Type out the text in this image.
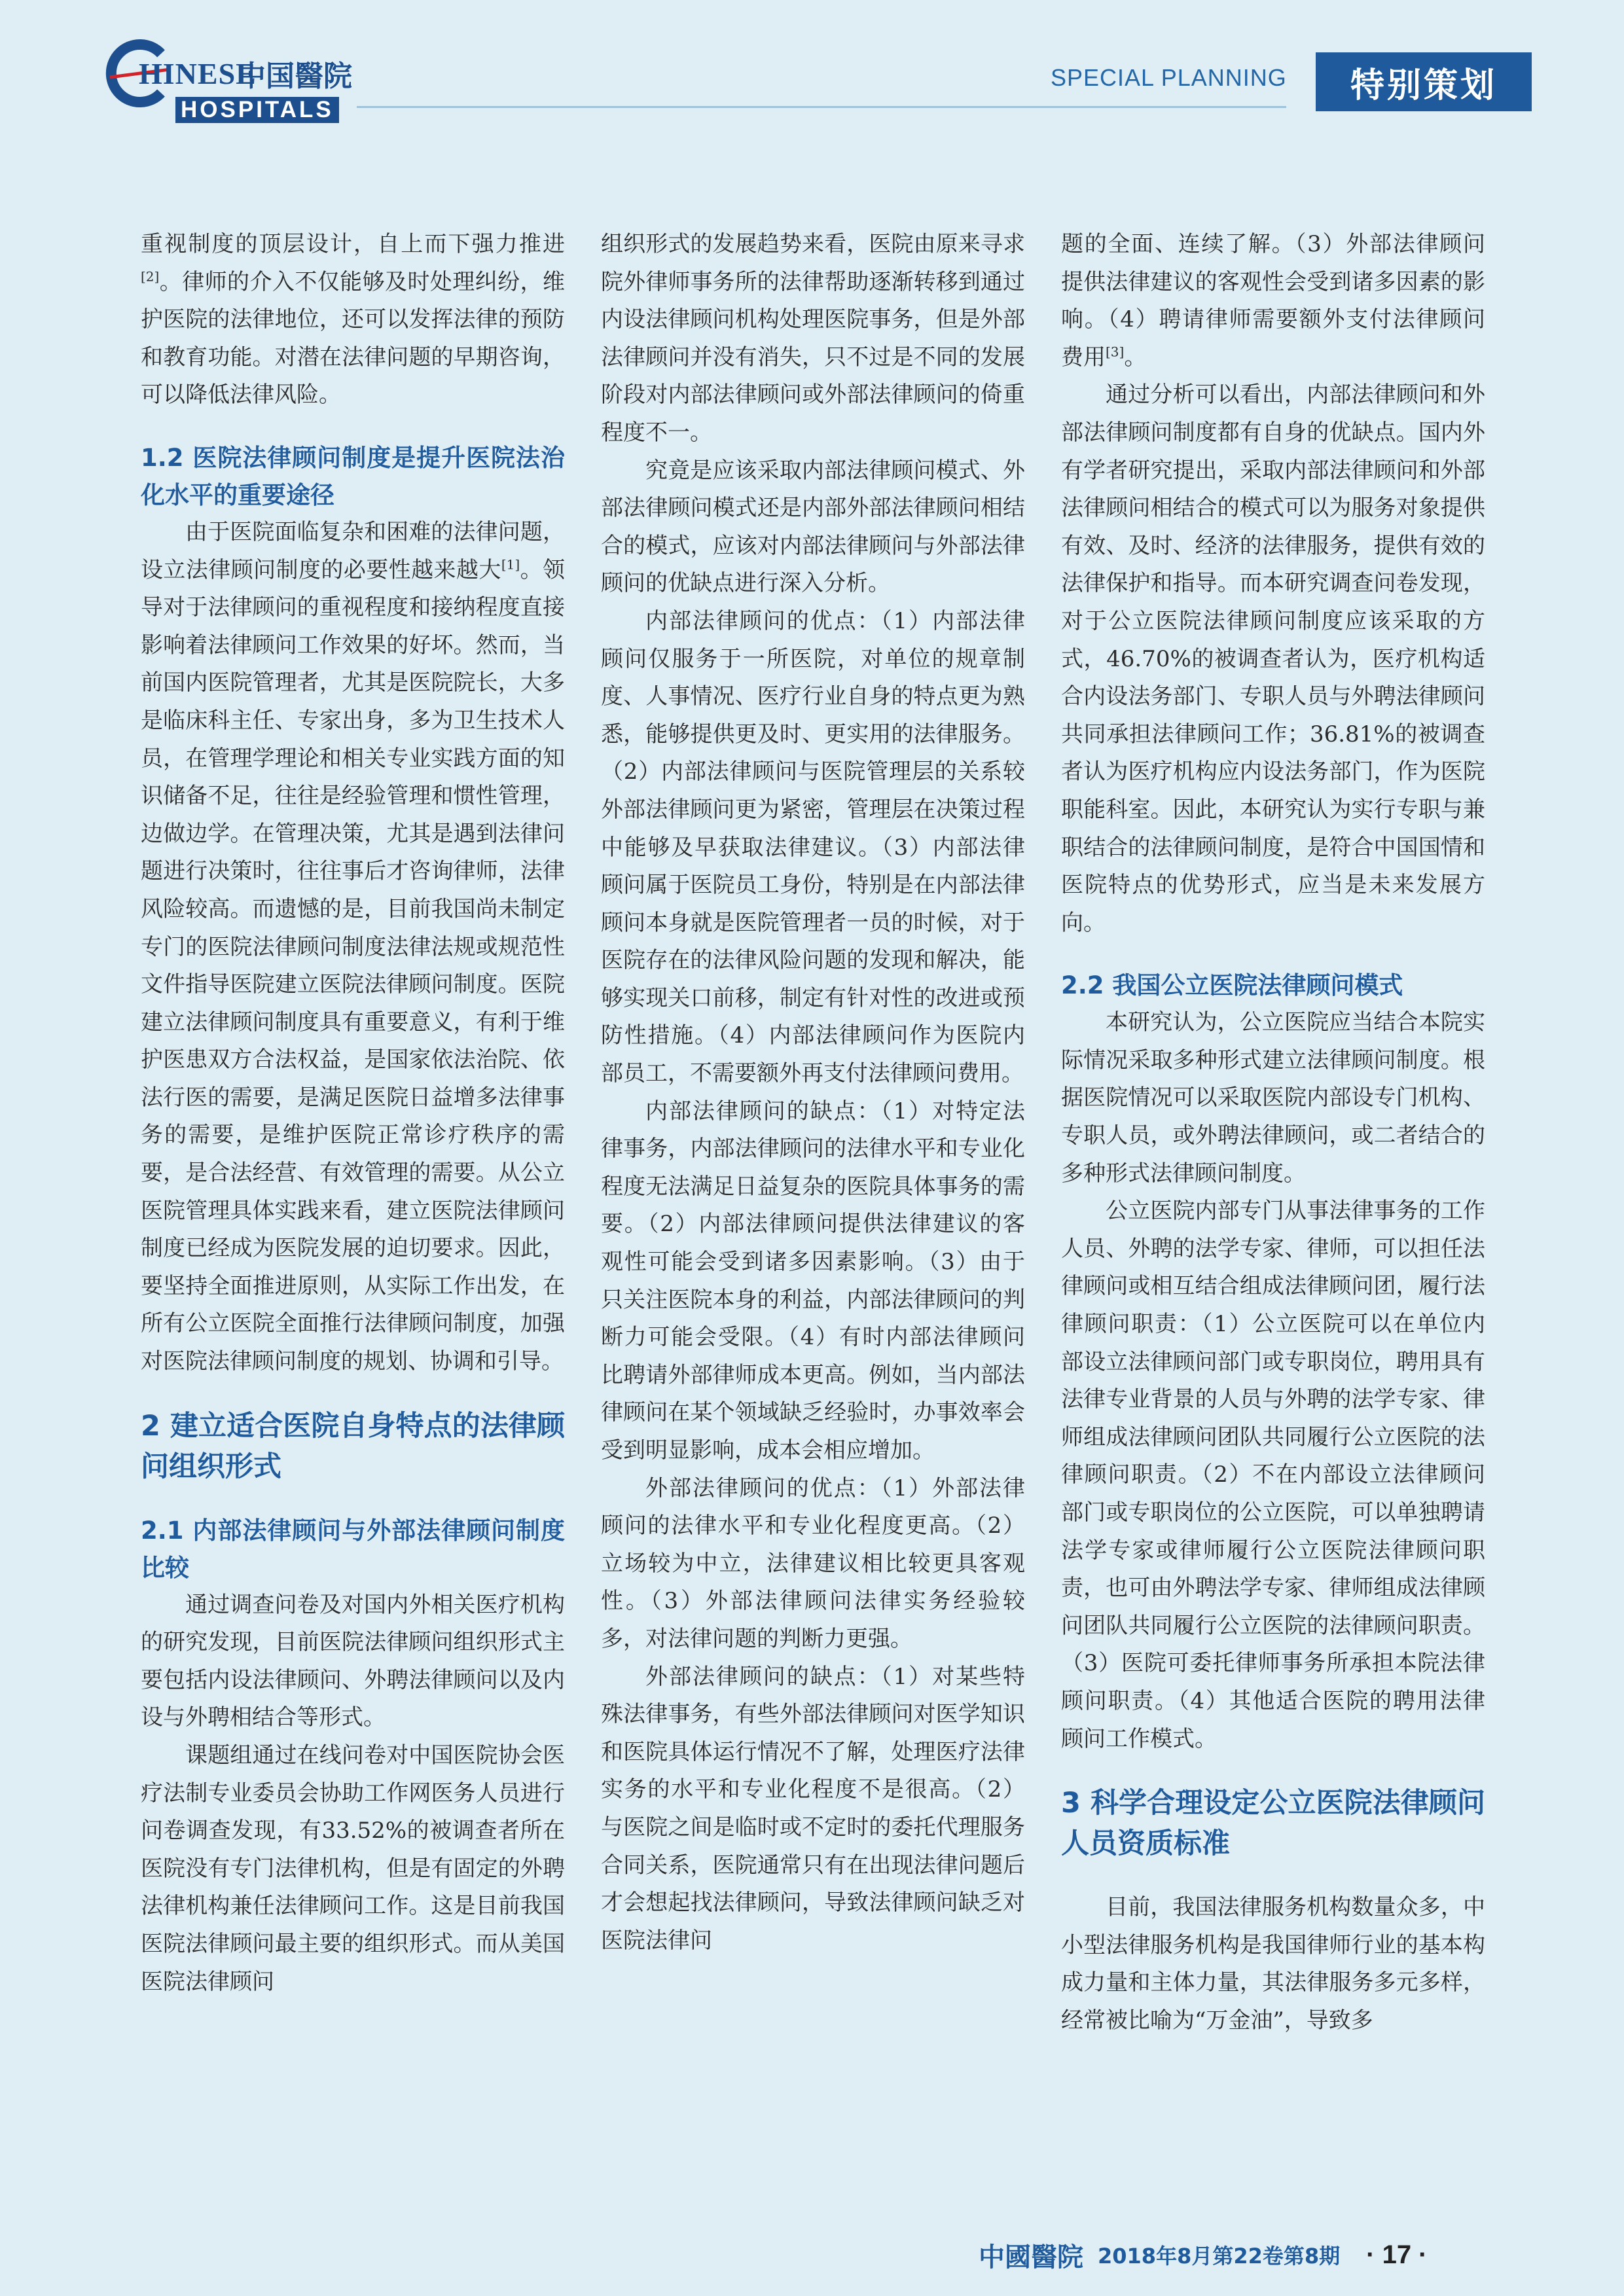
HINESE
中国醫院
HOSPITALS
SPECIAL PLANNING	特别策划

重视制度的顶层设计，自上而下强力推进[2]。律师的介入不仅能够及时处理纠纷，维护医院的法律地位，还可以发挥法律的预防和教育功能。对潜在法律问题的早期咨询，可以降低法律风险。

1.2 医院法律顾问制度是提升医院法治化水平的重要途径

由于医院面临复杂和困难的法律问题，设立法律顾问制度的必要性越来越大[1]。领导对于法律顾问的重视程度和接纳程度直接影响着法律顾问工作效果的好坏。然而，当前国内医院管理者，尤其是医院院长，大多是临床科主任、专家出身，多为卫生技术人员，在管理学理论和相关专业实践方面的知识储备不足，往往是经验管理和惯性管理，边做边学。在管理决策，尤其是遇到法律问题进行决策时，往往事后才咨询律师，法律风险较高。而遗憾的是，目前我国尚未制定专门的医院法律顾问制度法律法规或规范性文件指导医院建立医院法律顾问制度。医院建立法律顾问制度具有重要意义，有利于维护医患双方合法权益，是国家依法治院、依法行医的需要，是满足医院日益增多法律事务的需要，是维护医院正常诊疗秩序的需要，是合法经营、有效管理的需要。从公立医院管理具体实践来看，建立医院法律顾问制度已经成为医院发展的迫切要求。因此，要坚持全面推进原则，从实际工作出发，在所有公立医院全面推行法律顾问制度，加强对医院法律顾问制度的规划、协调和引导。

2 建立适合医院自身特点的法律顾问组织形式
2.1 内部法律顾问与外部法律顾问制度比较

通过调查问卷及对国内外相关医疗机构的研究发现，目前医院法律顾问组织形式主要包括内设法律顾问、外聘法律顾问以及内设与外聘相结合等形式。

课题组通过在线问卷对中国医院协会医疗法制专业委员会协助工作网医务人员进行问卷调查发现，有33.52%的被调查者所在医院没有专门法律机构，但是有固定的外聘法律机构兼任法律顾问工作。这是目前我国医院法律顾问最主要的组织形式。而从美国医院法律顾问

组织形式的发展趋势来看，医院由原来寻求院外律师事务所的法律帮助逐渐转移到通过内设法律顾问机构处理医院事务，但是外部法律顾问并没有消失，只不过是不同的发展阶段对内部法律顾问或外部法律顾问的倚重程度不一。

究竟是应该采取内部法律顾问模式、外部法律顾问模式还是内部外部法律顾问相结合的模式，应该对内部法律顾问与外部法律顾问的优缺点进行深入分析。

内部法律顾问的优点：（1）内部法律顾问仅服务于一所医院，对单位的规章制度、人事情况、医疗行业自身的特点更为熟悉，能够提供更及时、更实用的法律服务。（2）内部法律顾问与医院管理层的关系较外部法律顾问更为紧密，管理层在决策过程中能够及早获取法律建议。（3）内部法律顾问属于医院员工身份，特别是在内部法律顾问本身就是医院管理者一员的时候，对于医院存在的法律风险问题的发现和解决，能够实现关口前移，制定有针对性的改进或预防性措施。（4）内部法律顾问作为医院内部员工，不需要额外再支付法律顾问费用。

内部法律顾问的缺点：（1）对特定法律事务，内部法律顾问的法律水平和专业化程度无法满足日益复杂的医院具体事务的需要。（2）内部法律顾问提供法律建议的客观性可能会受到诸多因素影响。（3）由于只关注医院本身的利益，内部法律顾问的判断力可能会受限。（4）有时内部法律顾问比聘请外部律师成本更高。例如，当内部法律顾问在某个领域缺乏经验时，办事效率会受到明显影响，成本会相应增加。

外部法律顾问的优点：（1）外部法律顾问的法律水平和专业化程度更高。（2）立场较为中立，法律建议相比较更具客观性。（3）外部法律顾问法律实务经验较多，对法律问题的判断力更强。

外部法律顾问的缺点：（1）对某些特殊法律事务，有些外部法律顾问对医学知识和医院具体运行情况不了解，处理医疗法律实务的水平和专业化程度不是很高。（2）与医院之间是临时或不定时的委托代理服务合同关系，医院通常只有在出现法律问题后才会想起找法律顾问，导致法律顾问缺乏对医院法律问

题的全面、连续了解。（3）外部法律顾问提供法律建议的客观性会受到诸多因素的影响。（4）聘请律师需要额外支付法律顾问费用[3]。

通过分析可以看出，内部法律顾问和外部法律顾问制度都有自身的优缺点。国内外有学者研究提出，采取内部法律顾问和外部法律顾问相结合的模式可以为服务对象提供有效、及时、经济的法律服务，提供有效的法律保护和指导。而本研究调查问卷发现，对于公立医院法律顾问制度应该采取的方式，46.70%的被调查者认为，医疗机构适合内设法务部门、专职人员与外聘法律顾问共同承担法律顾问工作；36.81%的被调查者认为医疗机构应内设法务部门，作为医院职能科室。因此，本研究认为实行专职与兼职结合的法律顾问制度，是符合中国国情和医院特点的优势形式，应当是未来发展方向。

2.2 我国公立医院法律顾问模式

本研究认为，公立医院应当结合本院实际情况采取多种形式建立法律顾问制度。根据医院情况可以采取医院内部设专门机构、专职人员，或外聘法律顾问，或二者结合的多种形式法律顾问制度。

公立医院内部专门从事法律事务的工作人员、外聘的法学专家、律师，可以担任法律顾问或相互结合组成法律顾问团，履行法律顾问职责：（1）公立医院可以在单位内部设立法律顾问部门或专职岗位，聘用具有法律专业背景的人员与外聘的法学专家、律师组成法律顾问团队共同履行公立医院的法律顾问职责。（2）不在内部设立法律顾问部门或专职岗位的公立医院，可以单独聘请法学专家或律师履行公立医院法律顾问职责，也可由外聘法学专家、律师组成法律顾问团队共同履行公立医院的法律顾问职责。（3）医院可委托律师事务所承担本院法律顾问职责。（4）其他适合医院的聘用法律顾问工作模式。

3 科学合理设定公立医院法律顾问人员资质标准

目前，我国法律服务机构数量众多，中小型法律服务机构是我国律师行业的基本构成力量和主体力量，其法律服务多元多样，经常被比喻为“万金油”，导致多

中國醫院 2018年8月第22卷第8期 · 17 ·
